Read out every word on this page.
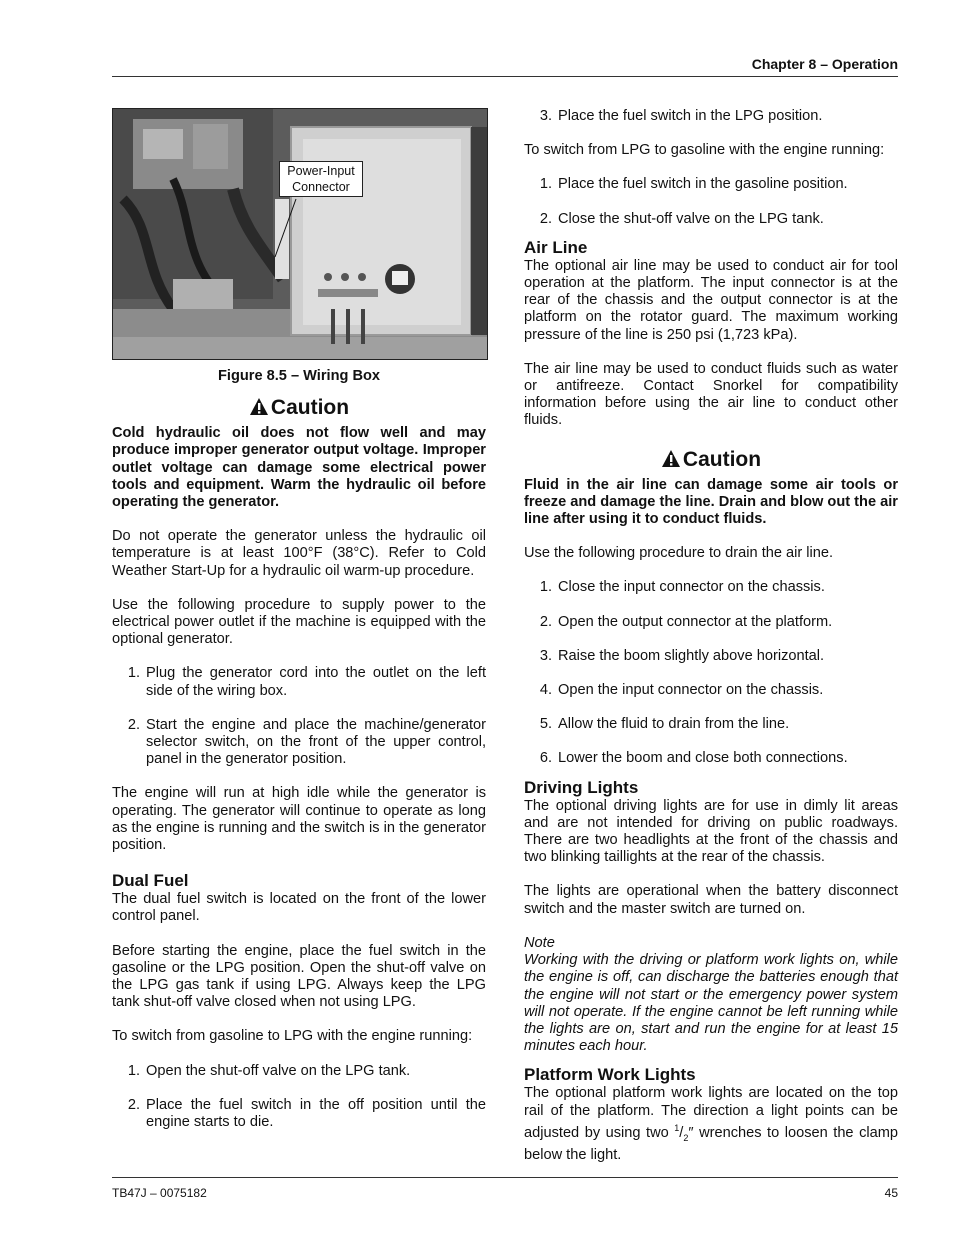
Chapter 8 – Operation
Power-Input
Connector
Figure 8.5 – Wiring Box
Caution

Cold hydraulic oil does not flow well and may produce improper generator output voltage. Improper outlet voltage can damage some electrical power tools and equipment. Warm the hydraulic oil before operating the generator.

Do not operate the generator unless the hydraulic oil temperature is at least 100°F (38°C). Refer to Cold Weather Start-Up for a hydraulic oil warm-up procedure.

Use the following procedure to supply power to the electrical power outlet if the machine is equipped with the optional generator.

1. Plug the generator cord into the outlet on the left side of the wiring box.
2. Start the engine and place the machine/generator selector switch, on the front of the upper control, panel in the generator position.

The engine will run at high idle while the generator is operating. The generator will continue to operate as long as the engine is running and the switch is in the generator position.

Dual Fuel

The dual fuel switch is located on the front of the lower control panel.

Before starting the engine, place the fuel switch in the gasoline or the LPG position. Open the shut-off valve on the LPG gas tank if using LPG. Always keep the LPG tank shut-off valve closed when not using LPG.

To switch from gasoline to LPG with the engine running:

1. Open the shut-off valve on the LPG tank.
2. Place the fuel switch in the off position until the engine starts to die.
3. Place the fuel switch in the LPG position.

To switch from LPG to gasoline with the engine running:

1. Place the fuel switch in the gasoline position.
2. Close the shut-off valve on the LPG tank.
Air Line

The optional air line may be used to conduct air for tool operation at the platform. The input connector is at the rear of the chassis and the output connector is at the platform on the rotator guard. The maximum working pressure of the line is 250 psi (1,723 kPa).

The air line may be used to conduct fluids such as water or antifreeze. Contact Snorkel for compatibility information before using the air line to conduct other fluids.

Caution

Fluid in the air line can damage some air tools or freeze and damage the line. Drain and blow out the air line after using it to conduct fluids.

Use the following procedure to drain the air line.

1. Close the input connector on the chassis.
2. Open the output connector at the platform.
3. Raise the boom slightly above horizontal.
4. Open the input connector on the chassis.
5. Allow the fluid to drain from the line.
6. Lower the boom and close both connections.
Driving Lights

The optional driving lights are for use in dimly lit areas and are not intended for driving on public roadways. There are two headlights at the front of the chassis and two blinking taillights at the rear of the chassis.

The lights are operational when the battery disconnect switch and the master switch are turned on.

Note

Working with the driving or platform work lights on, while the engine is off, can discharge the batteries enough that the engine will not start or the emergency power system will not operate. If the engine cannot be left running while the lights are on, start and run the engine for at least 15 minutes each hour.

Platform Work Lights

The optional platform work lights are located on the top rail of the platform. The direction a light points can be adjusted by using two $^1/_2''$ wrenches to loosen the clamp below the light.

TB47J – 0075182	45
